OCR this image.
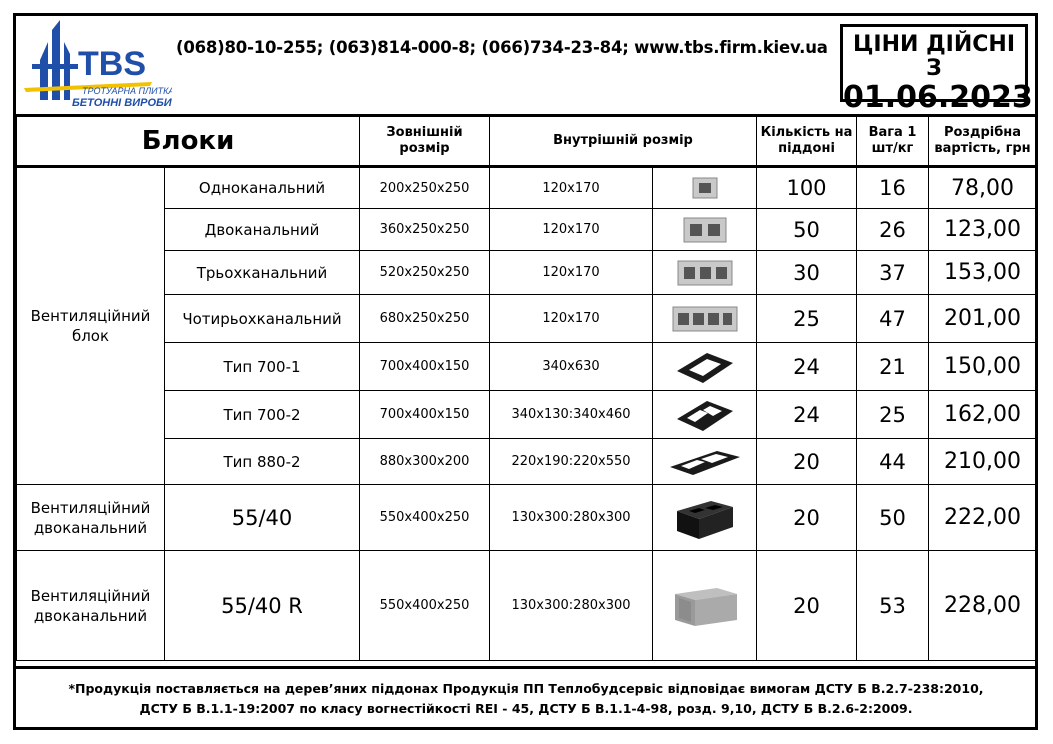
TBS
ТРОТУАРНА ПЛИТКА
БЕТОННІ ВИРОБИ
(068)80-10-255; (063)814-000-8; (066)734-23-84; www.tbs.firm.kiev.ua	ЦІНИ ДІЙСНІ З
01.06.2023
Блоки		Зовнішній розмір	Внутрішній розмір		Кількість на піддоні	Вага 1 шт/кг	Роздрібна вартість, грн
Вентиляційний блок	Одноканальний	200x250x250	120x170		100	16	78,00
	Двоканальний	360x250x250	120x170		50	26	123,00
	Трьохканальний	520x250x250	120x170		30	37	153,00
	Чотирьохканальний	680x250x250	120x170		25	47	201,00
	Тип 700-1	700x400x150	340x630		24	21	150,00
	Тип 700-2	700x400x150	340x130:340x460		24	25	162,00
	Тип 880-2	880x300x200	220x190:220x550		20	44	210,00
Вентиляційний двоканальний	55/40	550x400x250	130x300:280x300		20	50	222,00
Вентиляційний двоканальний	55/40 R	550x400x250	130x300:280x300		20	53	228,00
*Продукція поставляється на дерев’яних піддонах Продукція ПП Теплобудсервіс відповідає вимогам ДСТУ Б В.2.7-238:2010,
ДСТУ Б В.1.1-19:2007 по класу вогнестійкості REI - 45, ДСТУ Б В.1.1-4-98, розд. 9,10, ДСТУ Б В.2.6-2:2009.
